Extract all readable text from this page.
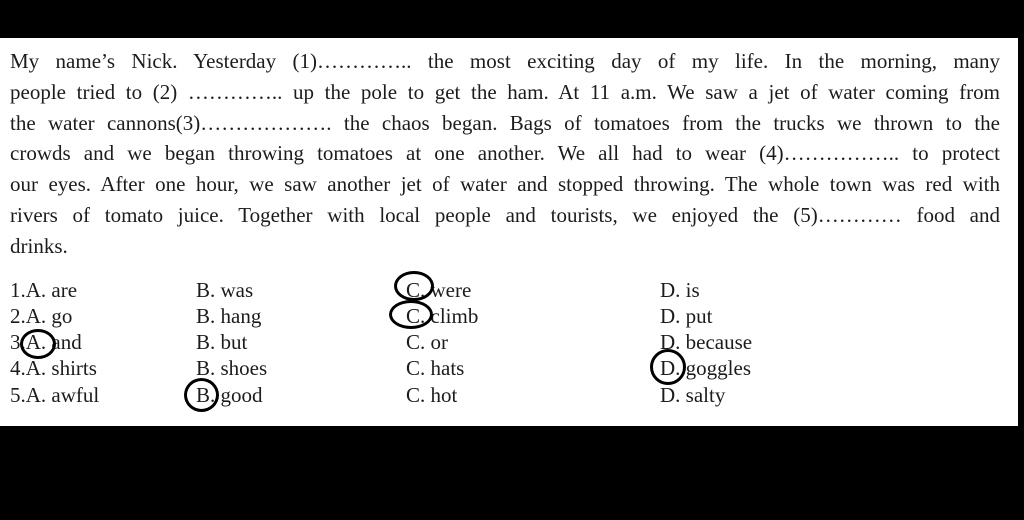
My name’s Nick. Yesterday (1)………….. the most exciting day of my life. In the morning, many
people tried to (2) ………….. up the pole to get the ham. At 11 a.m. We saw a jet of water coming from
the water cannons(3)………………. the chaos began. Bags of tomatoes from the trucks we thrown to the
crowds and we began throwing tomatoes at one another. We all had to wear (4)…………….. to protect
our eyes. After one hour, we saw another jet of water and stopped throwing. The whole town was red with
rivers of tomato juice. Together with local people and tourists, we enjoyed the (5)………… food and
drinks.
1.A. are	B. was	C. were	D. is
2.A. go	B. hang	C. climb	D. put
3.A. and	B. but	C. or	D. because
4.A. shirts	B. shoes	C. hats	D. goggles
5.A. awful	B. good	C. hot	D. salty
